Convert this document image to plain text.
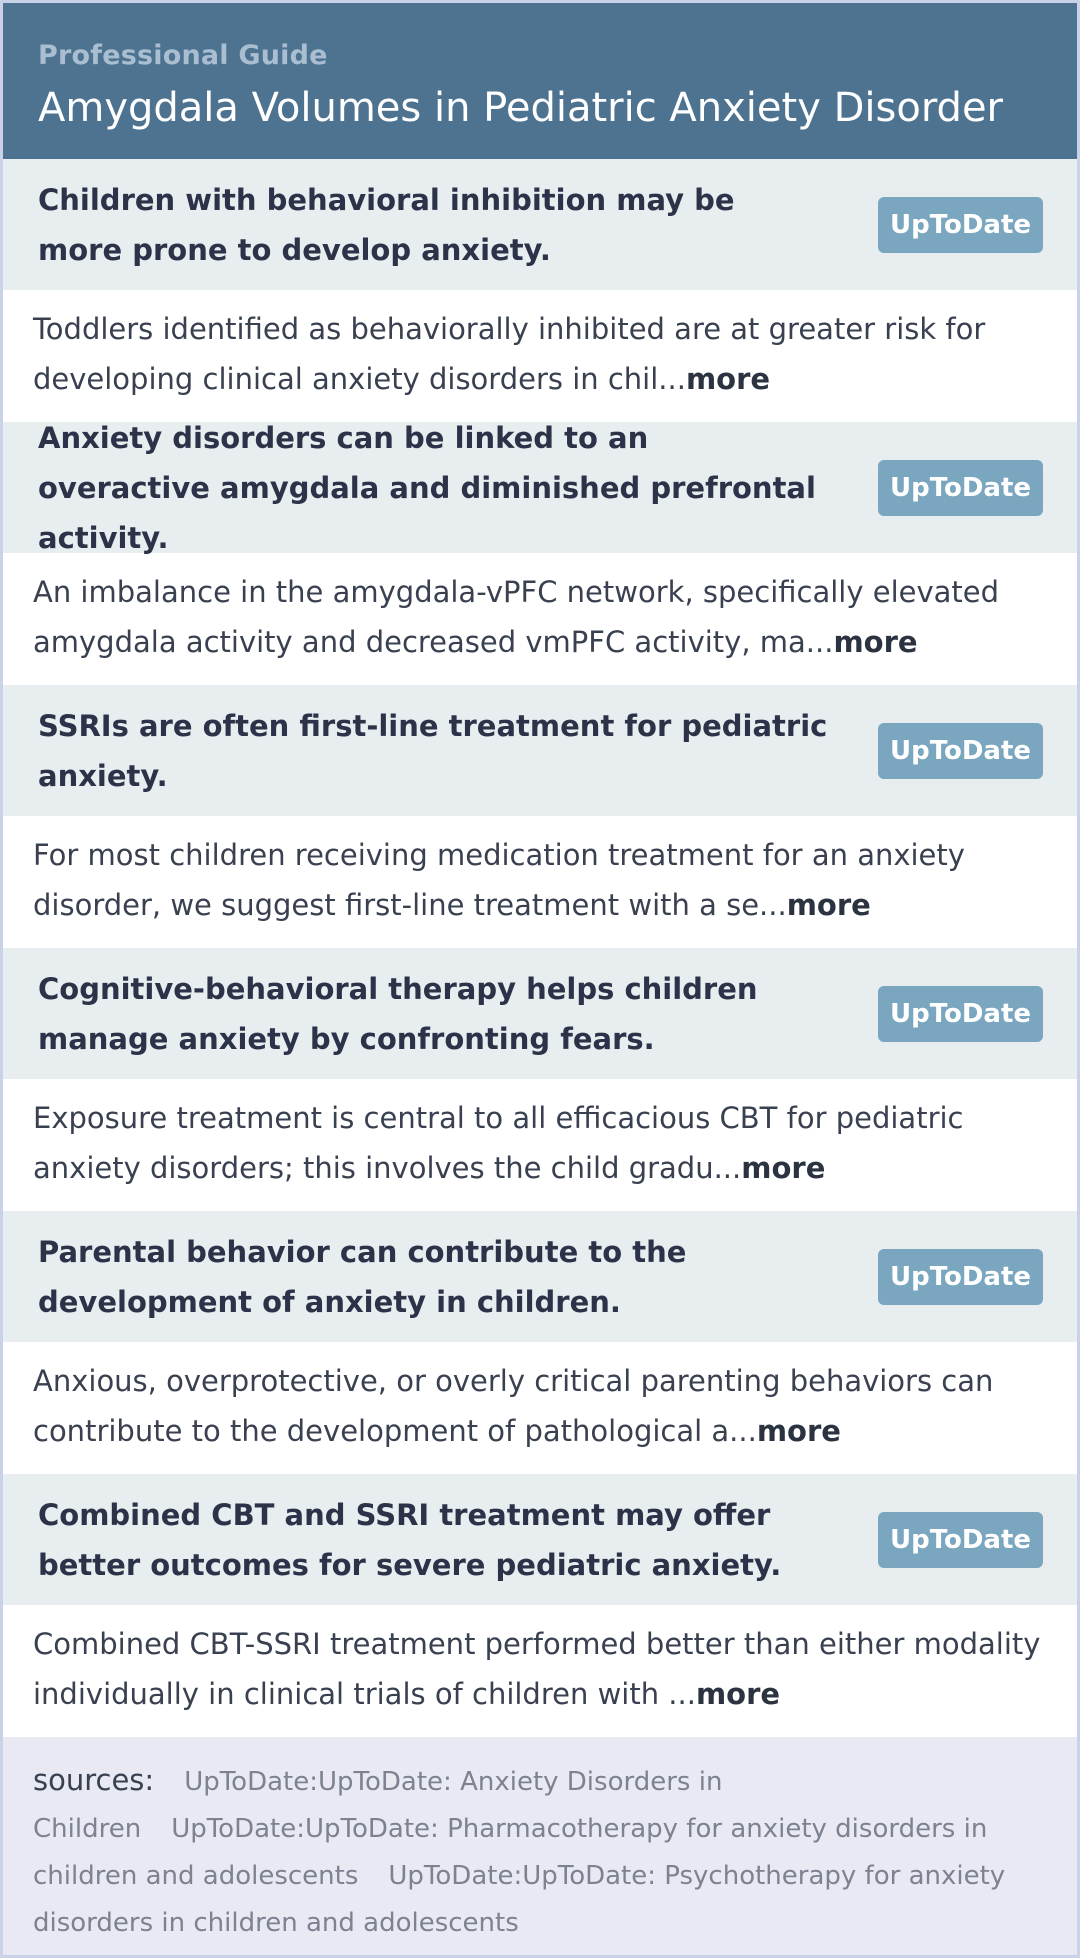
Professional Guide
Amygdala Volumes in Pediatric Anxiety Disorder
Children with behavioral inhibition may be more prone to develop anxiety.
UpToDate
Toddlers identified as behaviorally inhibited are at greater risk for developing clinical anxiety disorders in chil...more
Anxiety disorders can be linked to an overactive amygdala and diminished prefrontal activity.
UpToDate
An imbalance in the amygdala-vPFC network, specifically elevated amygdala activity and decreased vmPFC activity, ma...more
SSRIs are often first-line treatment for pediatric anxiety.
UpToDate
For most children receiving medication treatment for an anxiety disorder, we suggest first-line treatment with a se...more
Cognitive-behavioral therapy helps children manage anxiety by confronting fears.
UpToDate
Exposure treatment is central to all efficacious CBT for pediatric anxiety disorders; this involves the child gradu...more
Parental behavior can contribute to the development of anxiety in children.
UpToDate
Anxious, overprotective, or overly critical parenting behaviors can contribute to the development of pathological a...more
Combined CBT and SSRI treatment may offer better outcomes for severe pediatric anxiety.
UpToDate
Combined CBT-SSRI treatment performed better than either modality individually in clinical trials of children with ...more
sources: UpToDate:UpToDate: Anxiety Disorders in Children UpToDate:UpToDate: Pharmacotherapy for anxiety disorders in children and adolescents UpToDate:UpToDate: Psychotherapy for anxiety disorders in children and adolescents
